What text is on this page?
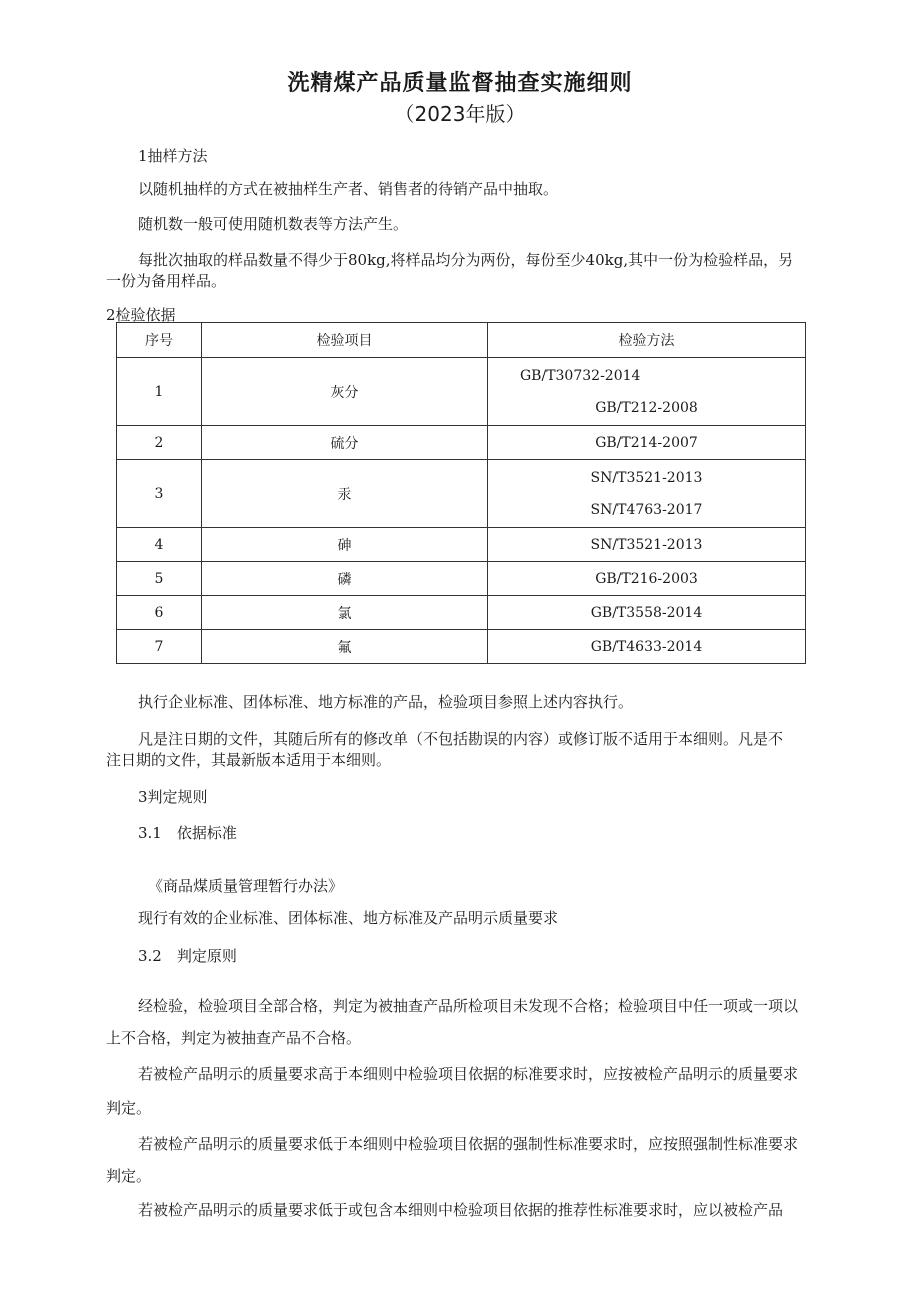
洗精煤产品质量监督抽查实施细则
（2023年版）
1抽样方法
以随机抽样的方式在被抽样生产者、销售者的待销产品中抽取。
随机数一般可使用随机数表等方法产生。
每批次抽取的样品数量不得少于80kg,将样品均分为两份，每份至少40kg,其中一份为检验样品，另
一份为备用样品。
2检验依据
序号	检验项目	检验方法
1	灰分	GB/T30732-2014
GB/T212-2008

2	硫分	GB/T214-2007

3	汞	SN/T3521-2013
SN/T4763-2017

4	砷	SN/T3521-2013

5	磷	GB/T216-2003

6	氯	GB/T3558-2014

7	氟	GB/T4633-2014
执行企业标准、团体标准、地方标准的产品，检验项目参照上述内容执行。
凡是注日期的文件，其随后所有的修改单（不包括勘误的内容）或修订版不适用于本细则。凡是不
注日期的文件，其最新版本适用于本细则。
3判定规则
3.1　依据标准
《商品煤质量管理暂行办法》
现行有效的企业标准、团体标准、地方标准及产品明示质量要求
3.2　判定原则
经检验，检验项目全部合格，判定为被抽查产品所检项目未发现不合格；检验项目中任一项或一项以
上不合格，判定为被抽查产品不合格。
若被检产品明示的质量要求高于本细则中检验项目依据的标准要求时，应按被检产品明示的质量要求
判定。
若被检产品明示的质量要求低于本细则中检验项目依据的强制性标准要求时，应按照强制性标准要求
判定。
若被检产品明示的质量要求低于或包含本细则中检验项目依据的推荐性标准要求时，应以被检产品
